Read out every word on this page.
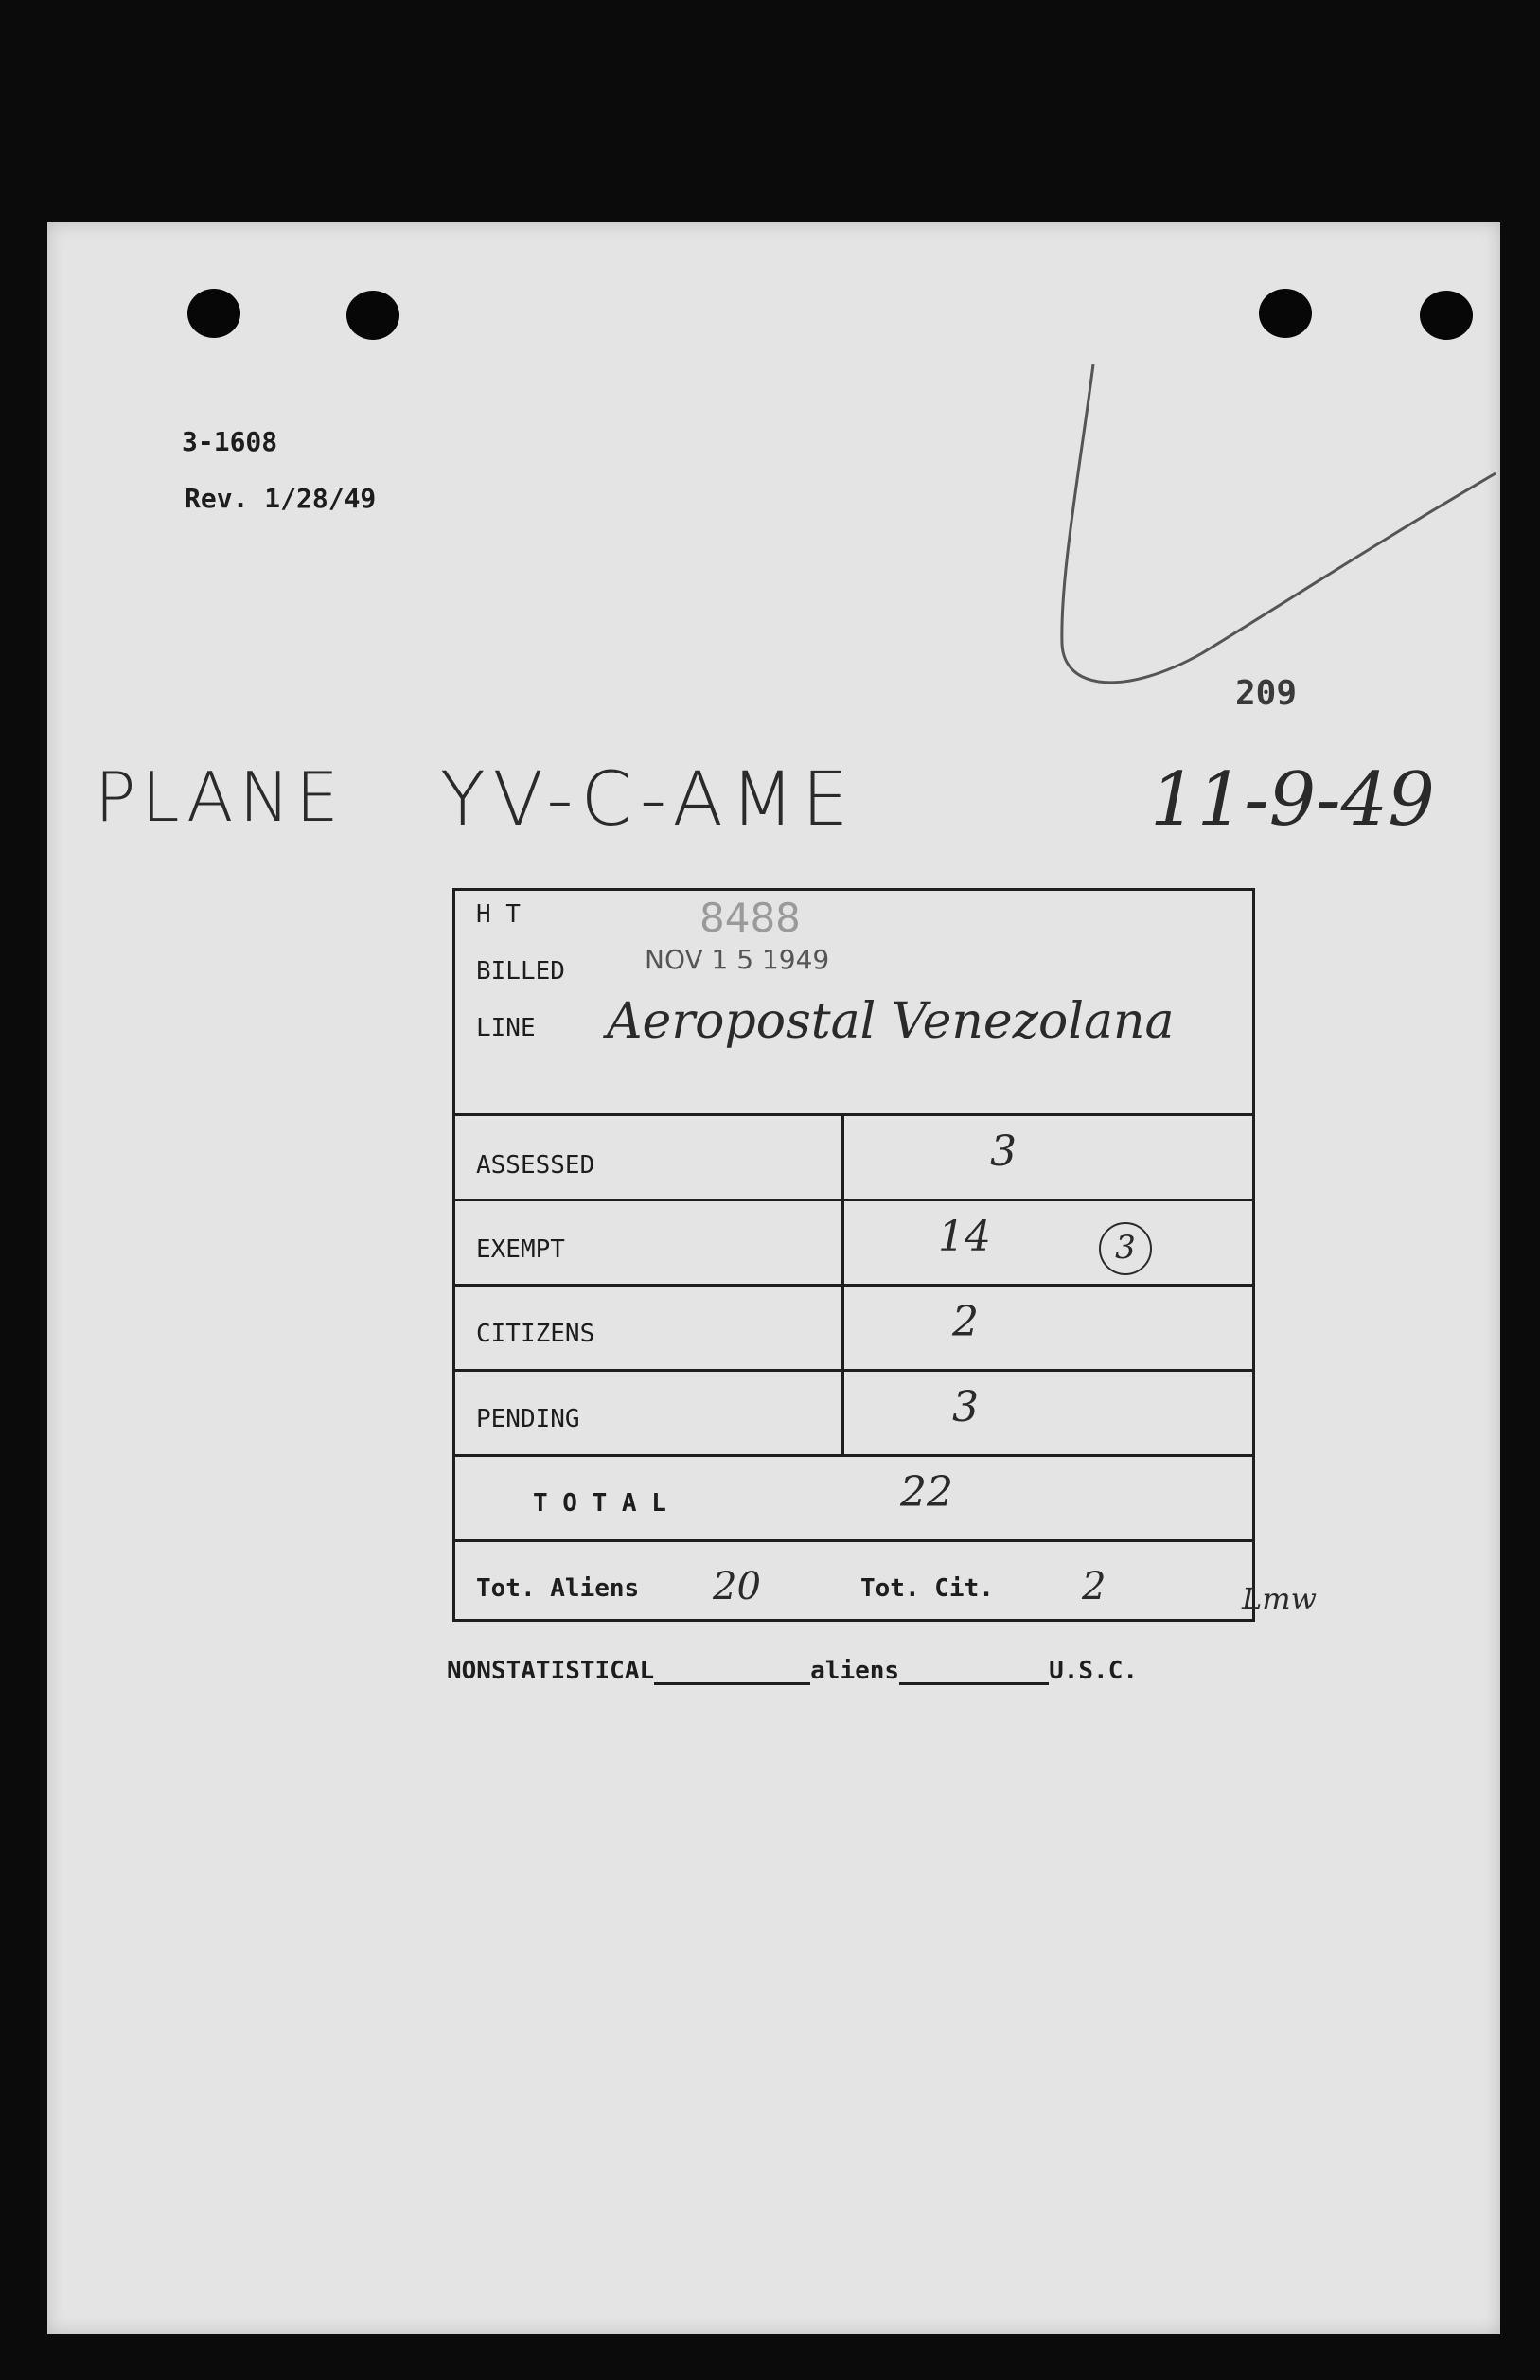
3-1608
Rev. 1/28/49
209
PLANE YV-C-AME	11-9-49
H T	8488
BILLED	NOV 1 5 1949
LINE Aeropostal Venezolana
ASSESSED	3
EXEMPT	14	3
CITIZENS	2
PENDING	3
T O T A L	22
Tot. Aliens 20	Tot. Cit. 2	Lmw
NONSTATISTICAL	aliens	U.S.C.
